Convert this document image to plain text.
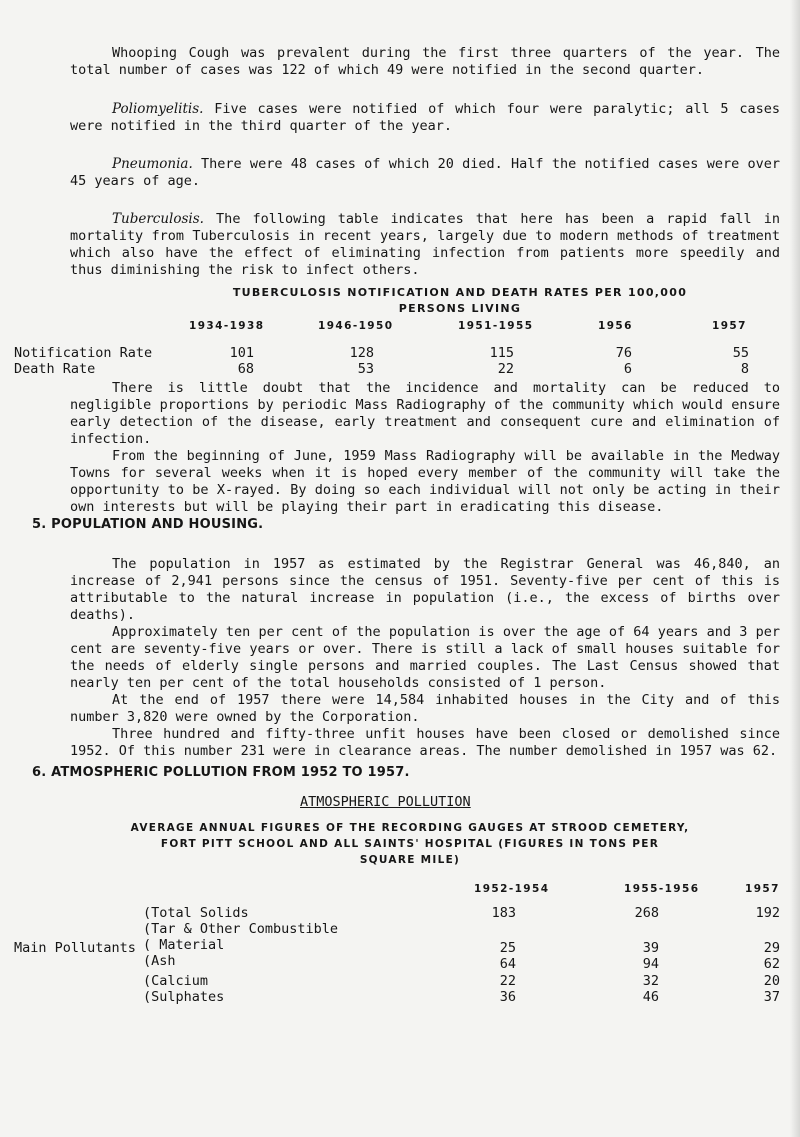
Whooping Cough was prevalent during the first three quarters of the year. The total number of cases was 122 of which 49 were notified in the second quarter.

Poliomyelitis. Five cases were notified of which four were paralytic; all 5 cases were notified in the third quarter of the year.

Pneumonia. There were 48 cases of which 20 died. Half the notified cases were over 45 years of age.

Tuberculosis. The following table indicates that here has been a rapid fall in mortality from Tuberculosis in recent years, largely due to modern methods of treatment which also have the effect of eliminating infection from patients more speedily and thus diminishing the risk to infect others.

TUBERCULOSIS NOTIFICATION AND DEATH RATES PER 100,000
PERSONS LIVING
1934-1938	1946-1950	1951-1955	1956	1957
Notification Rate	101	128	115	76	55
Death Rate	68	53	22	6	8

There is little doubt that the incidence and mortality can be reduced to negligible proportions by periodic Mass Radiography of the community which would ensure early detection of the disease, early treatment and consequent cure and elimination of infection.

From the beginning of June, 1959 Mass Radiography will be available in the Medway Towns for several weeks when it is hoped every member of the community will take the opportunity to be X-rayed. By doing so each individual will not only be acting in their own interests but will be playing their part in eradicating this disease.

5. POPULATION AND HOUSING.

The population in 1957 as estimated by the Registrar General was 46,840, an increase of 2,941 persons since the census of 1951. Seventy-five per cent of this is attributable to the natural increase in population (i.e., the excess of births over deaths).

Approximately ten per cent of the population is over the age of 64 years and 3 per cent are seventy-five years or over. There is still a lack of small houses suitable for the needs of elderly single persons and married couples. The Last Census showed that nearly ten per cent of the total households consisted of 1 person.

At the end of 1957 there were 14,584 inhabited houses in the City and of this number 3,820 were owned by the Corporation.

Three hundred and fifty-three unfit houses have been closed or demolished since 1952. Of this number 231 were in clearance areas. The number demolished in 1957 was 62.

6. ATMOSPHERIC POLLUTION FROM 1952 TO 1957.
ATMOSPHERIC POLLUTION
AVERAGE ANNUAL FIGURES OF THE RECORDING GAUGES AT STROOD CEMETERY,
FORT PITT SCHOOL AND ALL SAINTS' HOSPITAL (FIGURES IN TONS PER
SQUARE MILE)
1952-1954	1955-1956	1957
Main Pollutants
(Total Solids	183	268	192
(Tar & Other Combustible
( Material	25	39	29
(Ash	64	94	62
(Calcium	22	32	20
(Sulphates	36	46	37
